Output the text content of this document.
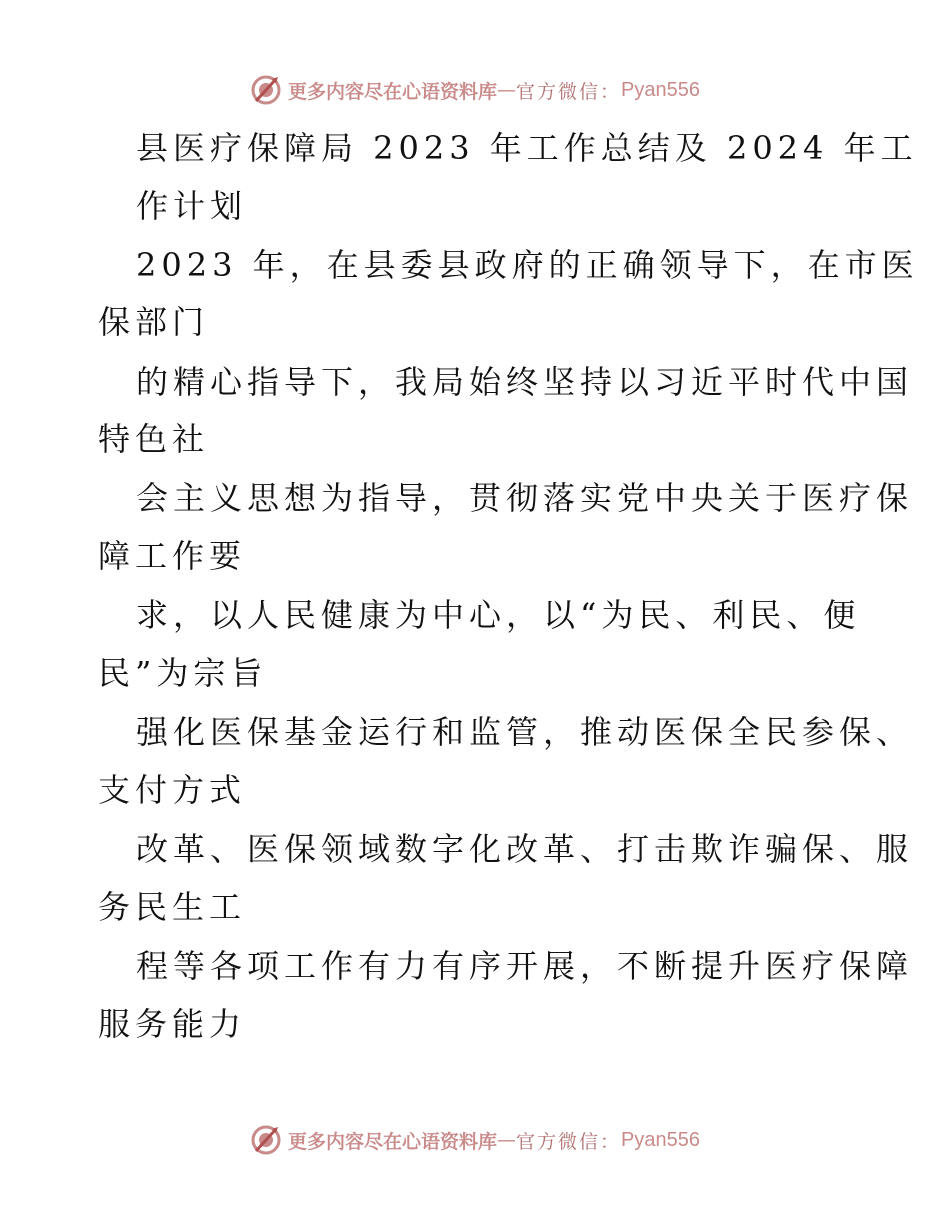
更多内容尽在心语资料库 — 官方微信： Pyan556
县医疗保障局 2023 年工作总结及 2024 年工
作计划
2023 年，在县委县政府的正确领导下，在市医
保部门
的精心指导下，我局始终坚持以习近平时代中国
特色社
会主义思想为指导，贯彻落实党中央关于医疗保
障工作要
求，以人民健康为中心，以“为民、利民、便
民”为宗旨
强化医保基金运行和监管，推动医保全民参保、
支付方式
改革、医保领域数字化改革、打击欺诈骗保、服
务民生工
程等各项工作有力有序开展，不断提升医疗保障
服务能力
更多内容尽在心语资料库 — 官方微信： Pyan556
